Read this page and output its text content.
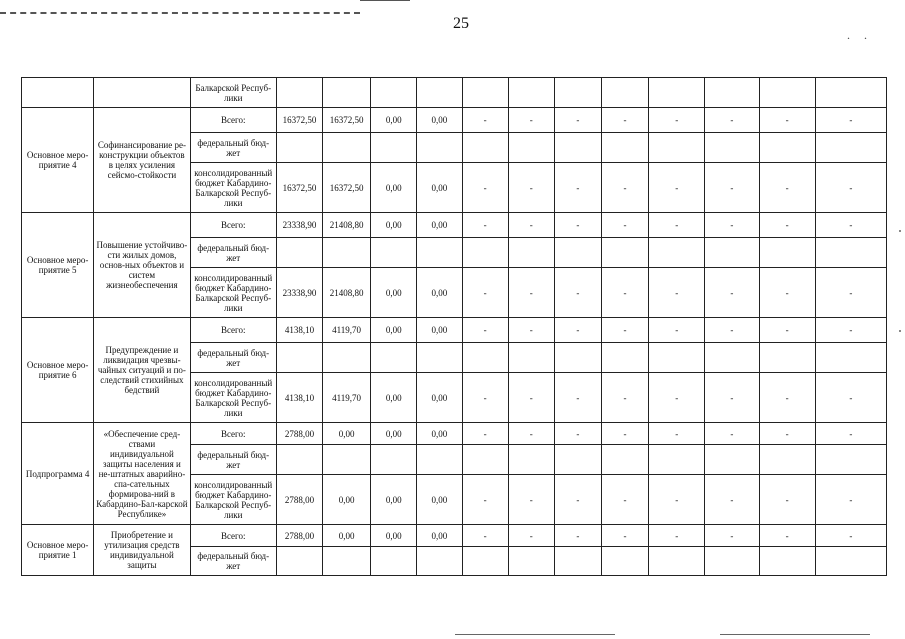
..
25
		Балкарской Респуб-лики												
Основное меро-приятие 4	Софинансирование ре-конструкции объектов в целях усиления сейсмо-стойкости	Всего:	16372,50	16372,50	0,00	0,00	-	-	-	-	-	-	-	-
		федеральный бюд-жет												
		консолидированный бюджет Кабардино-Балкарской Респуб-лики	16372,50	16372,50	0,00	0,00	-	-	-	-	-	-	-	-
Основное меро-приятие 5	Повышение устойчиво-сти жилых домов, основ-ных объектов и систем жизнеобеспечения	Всего:	23338,90	21408,80	0,00	0,00	-	-	-	-	-	-	-	-
		федеральный бюд-жет												
		консолидированный бюджет Кабардино-Балкарской Респуб-лики	23338,90	21408,80	0,00	0,00	-	-	-	-	-	-	-	-
Основное меро-приятие 6	Предупреждение и ликвидация чрезвы-чайных ситуаций и по-следствий стихийных бедствий	Всего:	4138,10	4119,70	0,00	0,00	-	-	-	-	-	-	-	-
		федеральный бюд-жет												
		консолидированный бюджет Кабардино-Балкарской Респуб-лики	4138,10	4119,70	0,00	0,00	-	-	-	-	-	-	-	-
Подпрограмма 4	«Обеспечение сред-ствами индивидуальной защиты населения и не-штатных аварийно-спа-сательных формирова-ний в Кабардино-Бал-карской Республике»	Всего:	2788,00	0,00	0,00	0,00	-	-	-	-	-	-	-	-
		федеральный бюд-жет												
		консолидированный бюджет Кабардино-Балкарской Респуб-лики	2788,00	0,00	0,00	0,00	-	-	-	-	-	-	-	-
Основное меро-приятие 1	Приобретение и утилизация средств индивидуальной защиты	Всего:	2788,00	0,00	0,00	0,00	-	-	-	-	-	-	-	-
		федеральный бюд-жет												
